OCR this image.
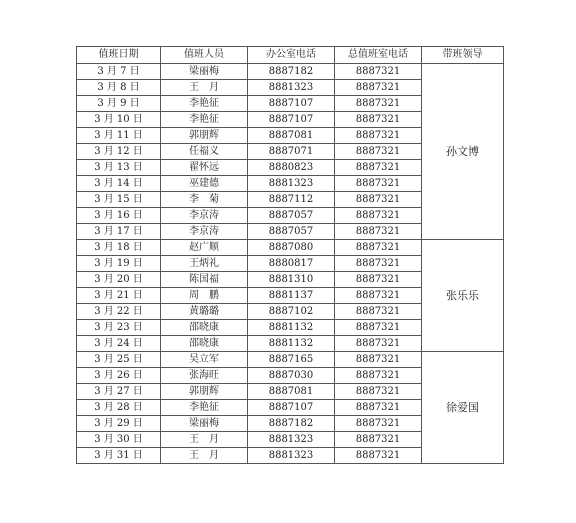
值班日期	值班人员	办公室电话	总值班室电话	带班领导
3 月 7 日	梁丽梅	8887182	8887321	孙文博
3 月 8 日	王　月	8881323	8887321	
3 月 9 日	李艳征	8887107	8887321	
3 月 10 日	李艳征	8887107	8887321	
3 月 11 日	郭朋辉	8887081	8887321	
3 月 12 日	任福义	8887071	8887321	
3 月 13 日	翟怀远	8880823	8887321	
3 月 14 日	巫建德	8881323	8887321	
3 月 15 日	李　菊	8887112	8887321	
3 月 16 日	李京涛	8887057	8887321	
3 月 17 日	李京涛	8887057	8887321	
3 月 18 日	赵广顺	8887080	8887321	张乐乐
3 月 19 日	王炳礼	8880817	8887321	
3 月 20 日	陈国福	8881310	8887321	
3 月 21 日	周　鹏	8881137	8887321	
3 月 22 日	黄璐璐	8887102	8887321	
3 月 23 日	邵晓康	8881132	8887321	
3 月 24 日	邵晓康	8881132	8887321	
3 月 25 日	吴立军	8887165	8887321	徐爱国
3 月 26 日	张海旺	8887030	8887321	
3 月 27 日	郭朋辉	8887081	8887321	
3 月 28 日	李艳征	8887107	8887321	
3 月 29 日	梁丽梅	8887182	8887321	
3 月 30 日	王　月	8881323	8887321	
3 月 31 日	王　月	8881323	8887321	
